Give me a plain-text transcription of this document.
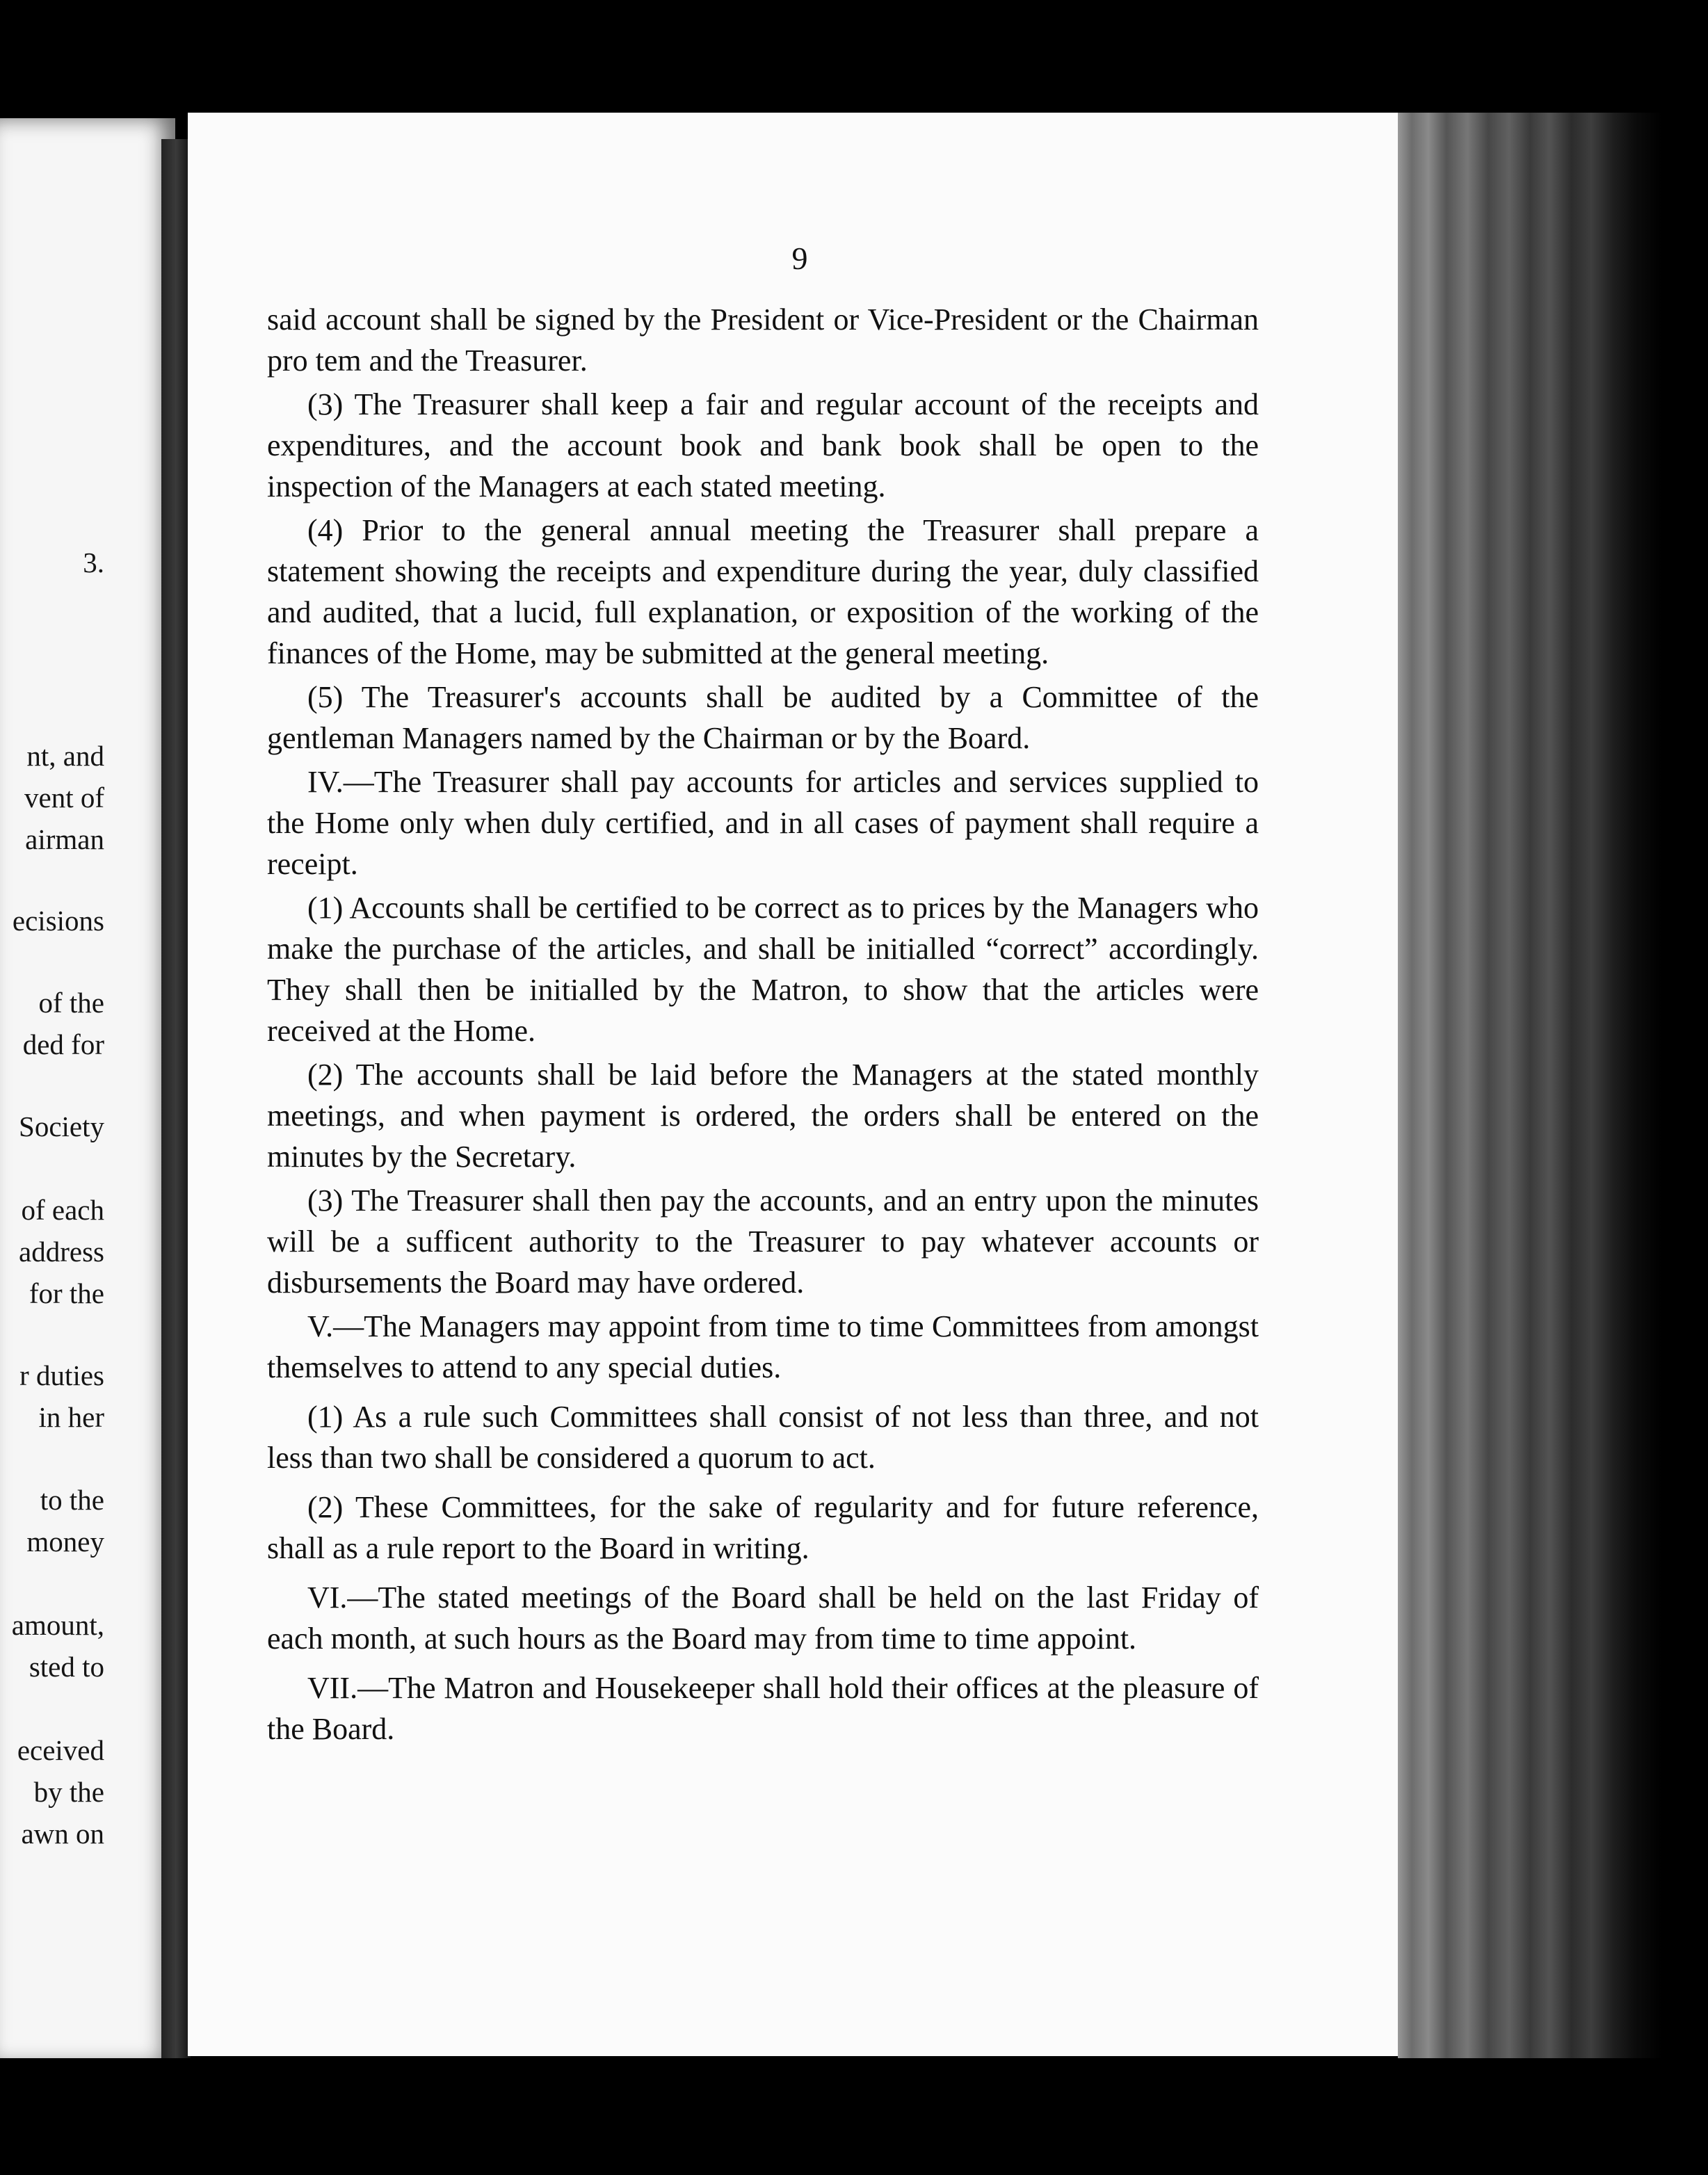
3.
nt, and
vent of
airman
ecisions
of the
ded for
Society
of each
address
for the
r duties
in her
to the
money
amount,
sted to
eceived
by the
awn on
9

said account shall be signed by the President or Vice-President or the Chairman pro tem and the Treasurer.

(3) The Treasurer shall keep a fair and regular account of the receipts and expenditures, and the account book and bank book shall be open to the inspection of the Managers at each stated meeting.

(4) Prior to the general annual meeting the Treasurer shall prepare a statement showing the receipts and expenditure during the year, duly classified and audited, that a lucid, full explanation, or exposition of the working of the finances of the Home, may be submitted at the general meeting.

(5) The Treasurer's accounts shall be audited by a Committee of the gentleman Managers named by the Chairman or by the Board.

IV.—The Treasurer shall pay accounts for articles and services supplied to the Home only when duly certified, and in all cases of payment shall require a receipt.

(1) Accounts shall be certified to be correct as to prices by the Managers who make the purchase of the articles, and shall be initialled “correct” accordingly. They shall then be initialled by the Matron, to show that the articles were received at the Home.

(2) The accounts shall be laid before the Managers at the stated monthly meetings, and when payment is ordered, the orders shall be entered on the minutes by the Secretary.

(3) The Treasurer shall then pay the accounts, and an entry upon the minutes will be a sufficent authority to the Treasurer to pay whatever accounts or disbursements the Board may have ordered.

V.—The Managers may appoint from time to time Committees from amongst themselves to attend to any special duties.

(1) As a rule such Committees shall consist of not less than three, and not less than two shall be considered a quorum to act.

(2) These Committees, for the sake of regularity and for future reference, shall as a rule report to the Board in writing.

VI.—The stated meetings of the Board shall be held on the last Friday of each month, at such hours as the Board may from time to time appoint.

VII.—The Matron and Housekeeper shall hold their offices at the pleasure of the Board.
